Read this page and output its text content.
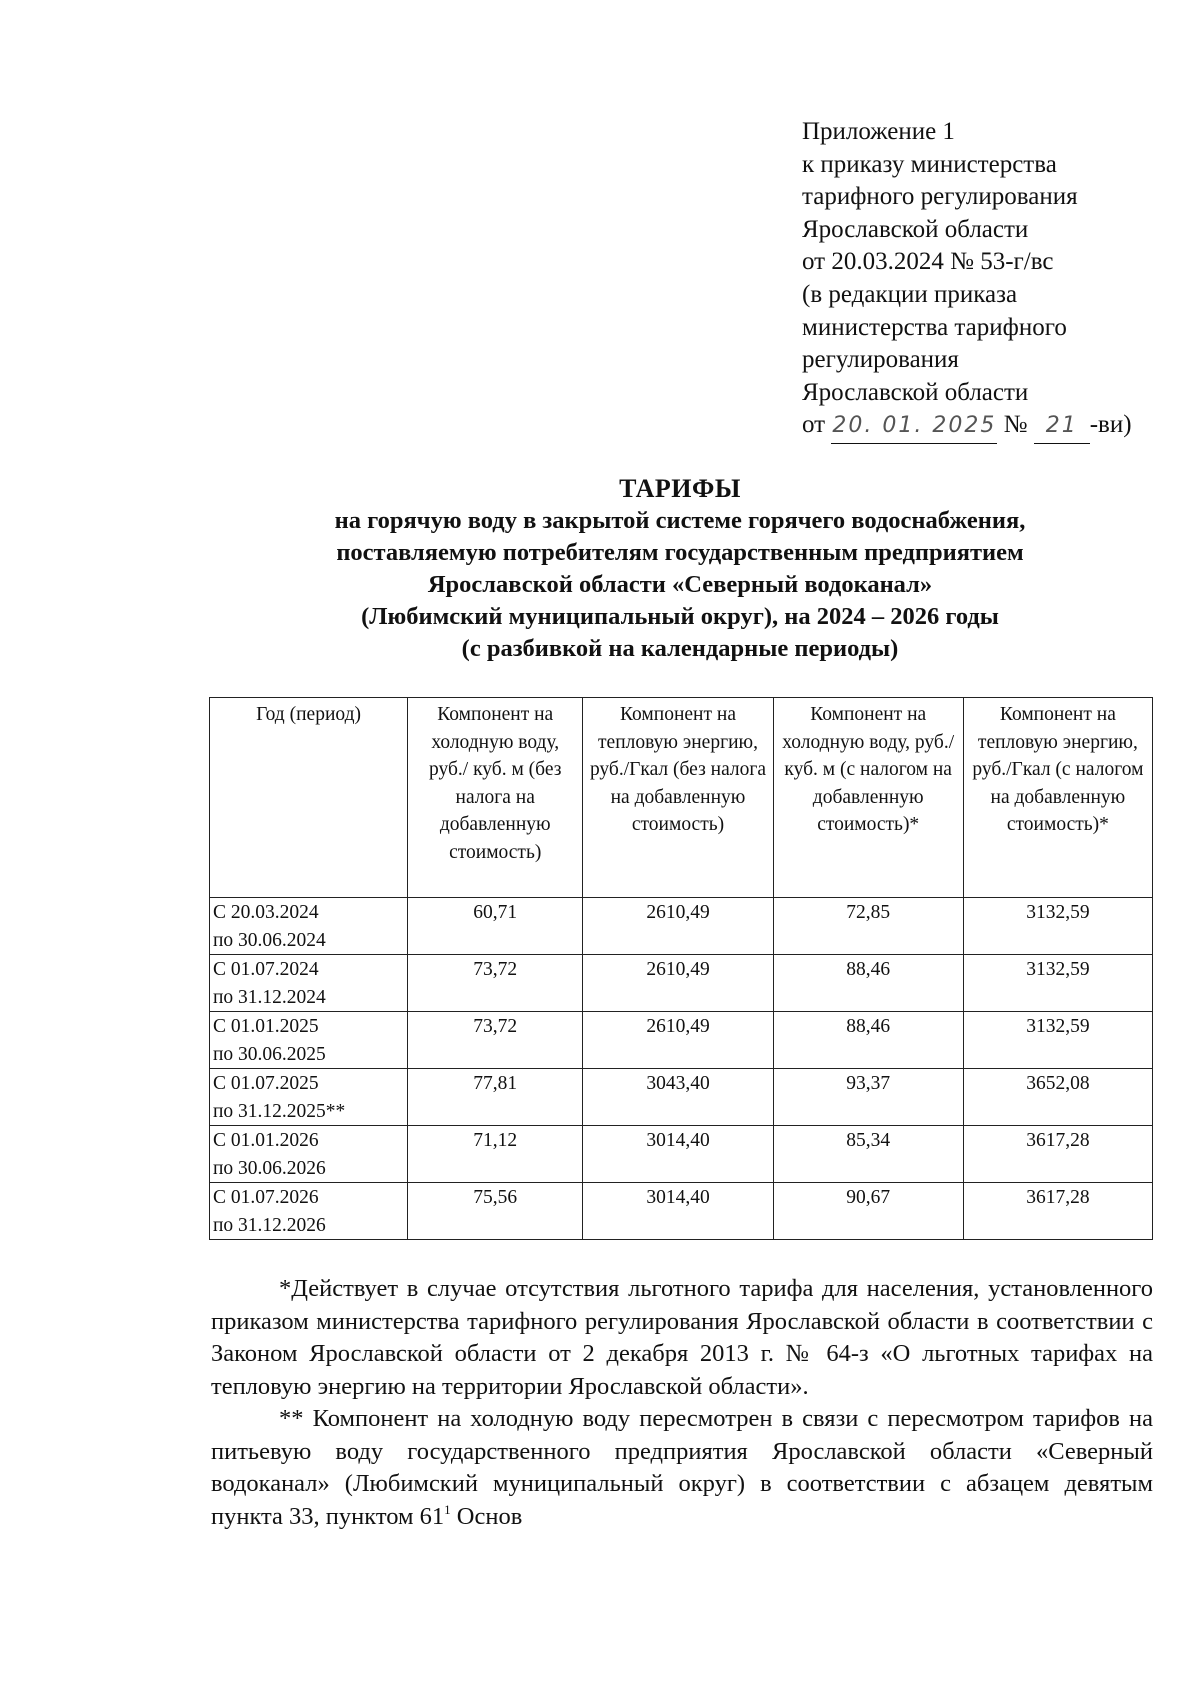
Приложение 1
к приказу министерства
тарифного регулирования
Ярославской области
от 20.03.2024 № 53-г/вс
(в редакции приказа
министерства тарифного
регулирования
Ярославской области
от 20. 01. 2025 № 21 -ви)
ТАРИФЫ
на горячую воду в закрытой системе горячего водоснабжения,
поставляемую потребителям государственным предприятием
Ярославской области «Северный водоканал»
(Любимский муниципальный округ), на 2024 – 2026 годы
(с разбивкой на календарные периоды)
Год (период)	Компонент на холодную воду, руб./ куб. м (без налога на добавленную стоимость)	Компонент на тепловую энергию, руб./Гкал (без налога на добавленную стоимость)	Компонент на холодную воду, руб./ куб. м (с налогом на добавленную стоимость)*	Компонент на тепловую энергию, руб./Гкал (с налогом на добавленную стоимость)*
С 20.03.2024
по 30.06.2024	60,71	2610,49	72,85	3132,59
С 01.07.2024
по 31.12.2024	73,72	2610,49	88,46	3132,59
С 01.01.2025
по 30.06.2025	73,72	2610,49	88,46	3132,59
С 01.07.2025
по 31.12.2025**	77,81	3043,40	93,37	3652,08
С 01.01.2026
по 30.06.2026	71,12	3014,40	85,34	3617,28
С 01.07.2026
по 31.12.2026	75,56	3014,40	90,67	3617,28

*Действует в случае отсутствия льготного тарифа для населения, установленного приказом министерства тарифного регулирования Ярославской области в соответствии с Законом Ярославской области от 2 декабря 2013 г. № 64-з «О льготных тарифах на тепловую энергию на территории Ярославской области».

** Компонент на холодную воду пересмотрен в связи с пересмотром тарифов на питьевую воду государственного предприятия Ярославской области «Северный водоканал» (Любимский муниципальный округ) в соответствии с абзацем девятым пункта 33, пунктом $61^1$ Основ
